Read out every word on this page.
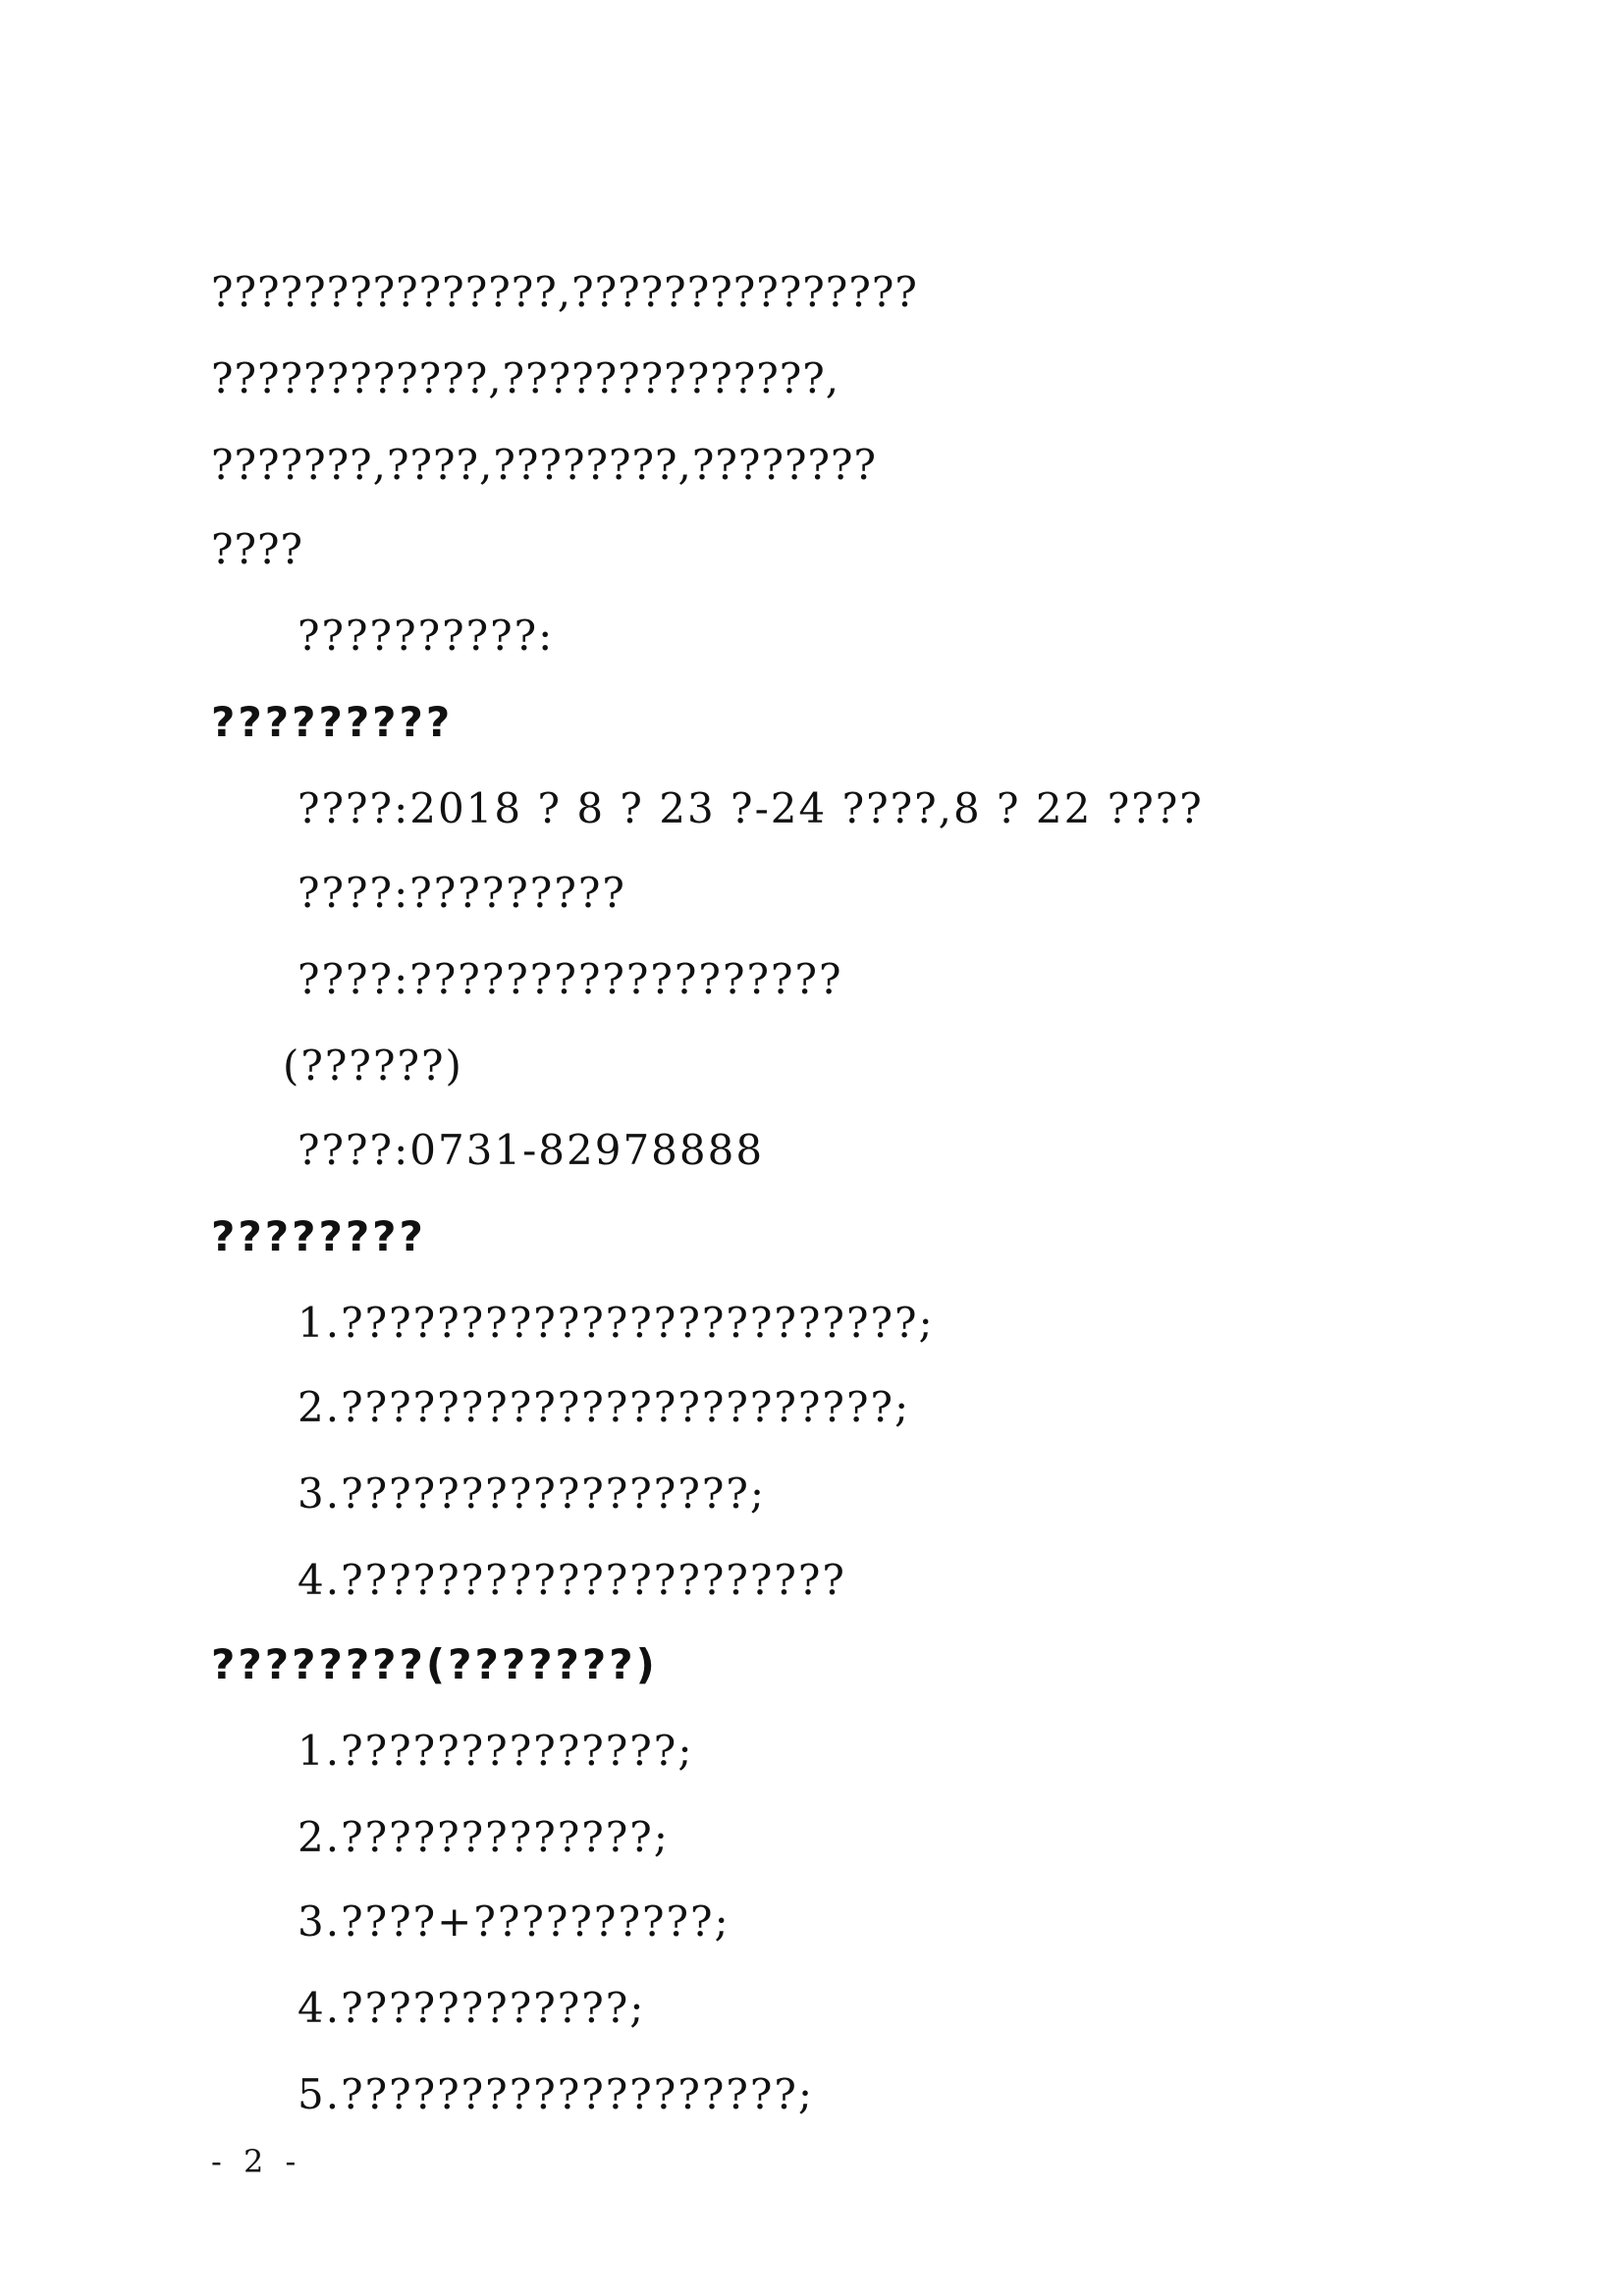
???????????????,???????????????
????????????,??????????????,
???????,????,????????,????????
????
??????????:
?????????
????:2018 ? 8 ? 23 ?-24 ????,8 ? 22 ????
????:?????????
????:??????????????????
(??????)
????:0731-82978888
????????
1.????????????????????????;
2.???????????????????????;
3.?????????????????;
4.?????????????????????
????????(???????)
1.??????????????;
2.?????????????;
3.????+??????????;
4.????????????;
5.???????????????????;
- 2 -
